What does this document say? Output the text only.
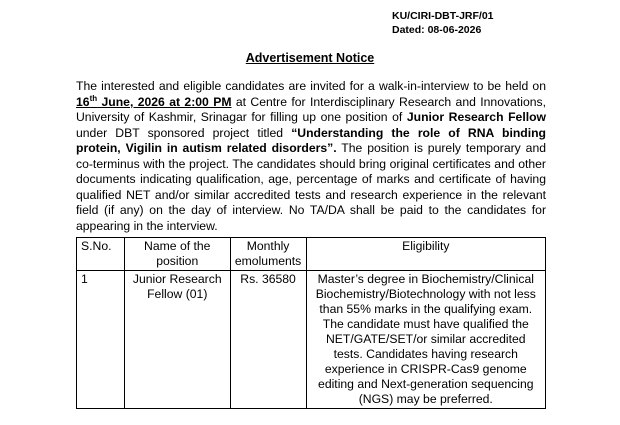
KU/CIRI-DBT-JRF/01
Dated: 08-06-2026
Advertisement Notice

The interested and eligible candidates are invited for a walk-in-interview to be held on 16th June, 2026 at 2:00 PM at Centre for Interdisciplinary Research and Innovations, University of Kashmir, Srinagar for filling up one position of Junior Research Fellow under DBT sponsored project titled “Understanding the role of RNA binding protein, Vigilin in autism related disorders”. The position is purely temporary and co-terminus with the project. The candidates should bring original certificates and other documents indicating qualification, age, percentage of marks and certificate of having qualified NET and/or similar accredited tests and research experience in the relevant field (if any) on the day of interview. No TA/DA shall be paid to the candidates for appearing in the interview.

S.No.	Name of the position	Monthly emoluments	Eligibility
1	Junior Research Fellow (01)	Rs. 36580	Master’s degree in Biochemistry/Clinical Biochemistry/Biotechnology with not less than 55% marks in the qualifying exam. The candidate must have qualified the NET/GATE/SET/or similar accredited tests. Candidates having research experience in CRISPR-Cas9 genome editing and Next-generation sequencing (NGS) may be preferred.
